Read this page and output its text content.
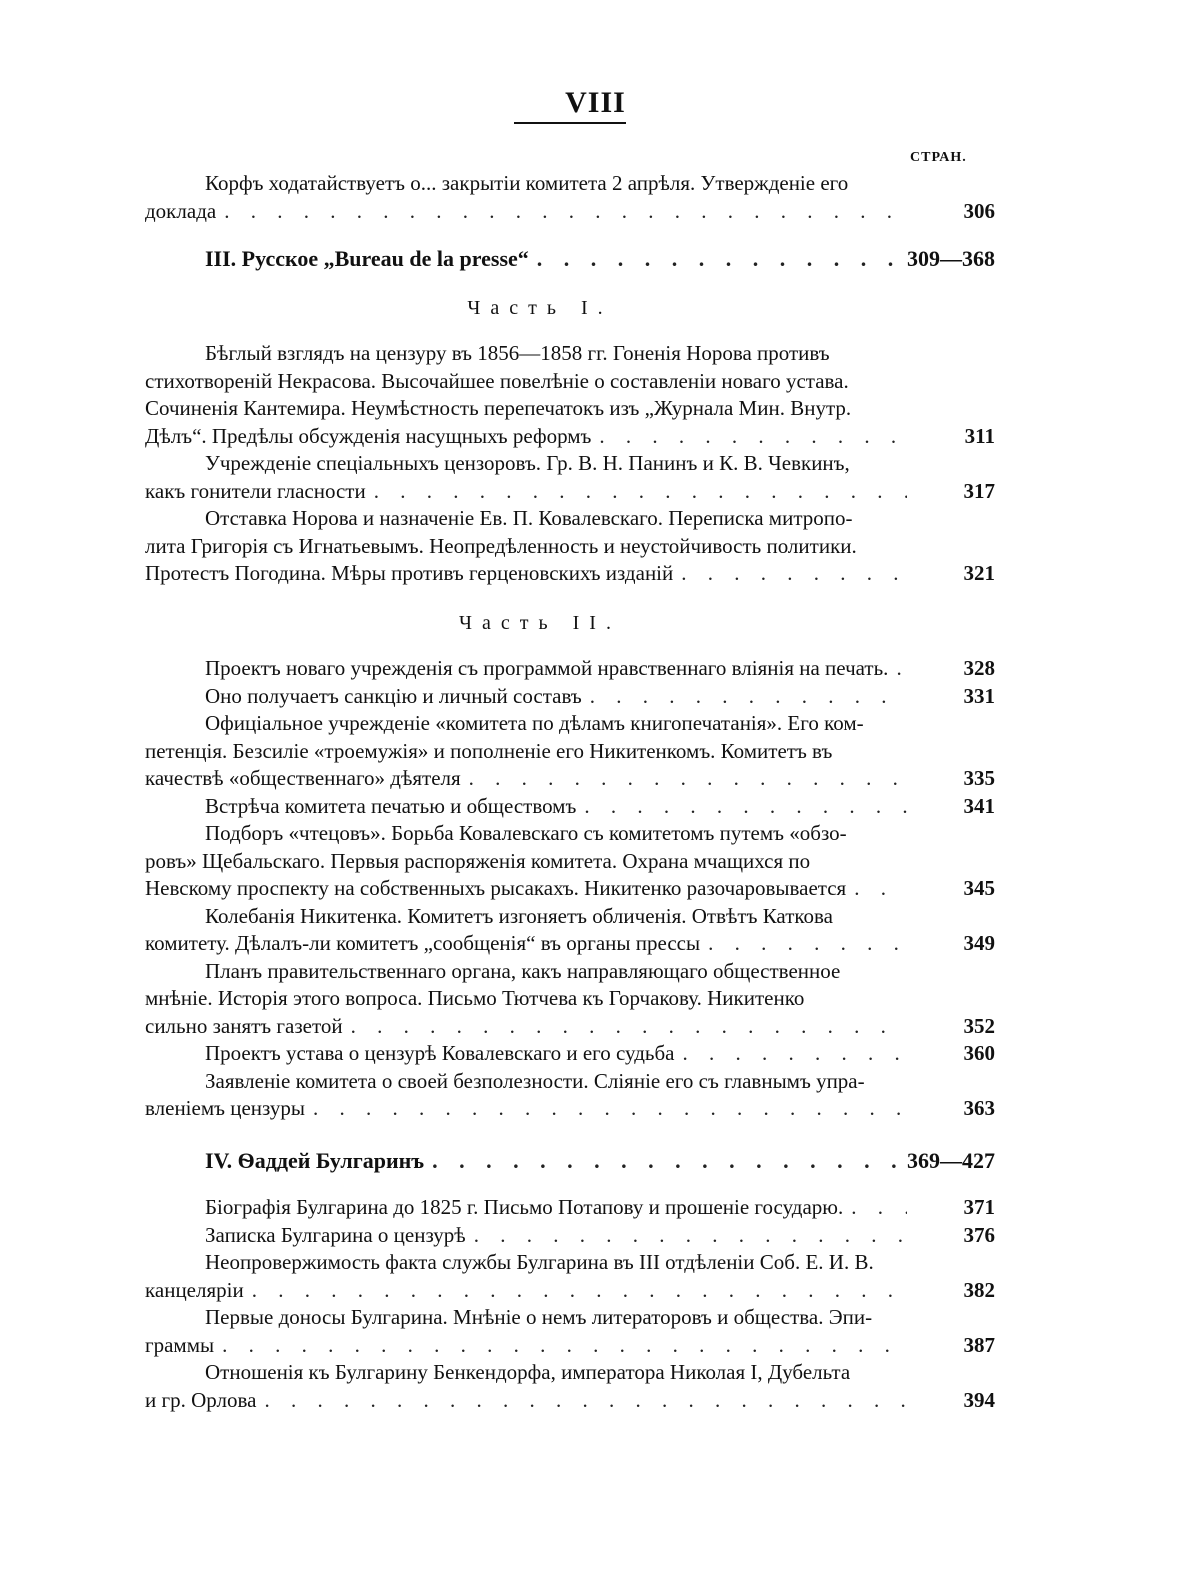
VIII
СТРАН.
Корфъ ходатайствуетъ о... закрытіи комитета 2 апрѣля. Утвержденіе его
доклада . . .	306
III. Русское „Bureau de la presse“ . . .	309—368
Часть I.
Бѣглый взглядъ на цензуру въ 1856—1858 гг. Гоненія Норова противъ
стихотвореній Некрасова. Высочайшее повелѣніе о составленіи новаго устава.
Сочиненія Кантемира. Неумѣстность перепечатокъ изъ „Журнала Мин. Внутр.
Дѣлъ“. Предѣлы обсужденія насущныхъ реформъ . . .	311
Учрежденіе спеціальныхъ цензоровъ. Гр. В. Н. Панинъ и К. В. Чевкинъ,
какъ гонители гласности . . .	317
Отставка Норова и назначеніе Ев. П. Ковалевскаго. Переписка митропо-
лита Григорія съ Игнатьевымъ. Неопредѣленность и неустойчивость политики.
Протестъ Погодина. Мѣры противъ герценовскихъ изданій . . .	321
Часть II.
Проектъ новаго учрежденія съ программой нравственнаго вліянія на печать. . . .	328
Оно получаетъ санкцію и личный составъ . . .	331
Офиціальное учрежденіе «комитета по дѣламъ книгопечатанія». Его ком-
петенція. Безсиліе «троемужія» и пополненіе его Никитенкомъ. Комитетъ въ
качествѣ «общественнаго» дѣятеля . . .	335
Встрѣча комитета печатью и обществомъ . . .	341
Подборъ «чтецовъ». Борьба Ковалевскаго съ комитетомъ путемъ «обзо-
ровъ» Щебальскаго. Первыя распоряженія комитета. Охрана мчащихся по
Невскому проспекту на собственныхъ рысакахъ. Никитенко разочаровывается . . .	345
Колебанія Никитенка. Комитетъ изгоняетъ обличенія. Отвѣтъ Каткова
комитету. Дѣлалъ-ли комитетъ „сообщенія“ въ органы прессы . . .	349
Планъ правительственнаго органа, какъ направляющаго общественное
мнѣніе. Исторія этого вопроса. Письмо Тютчева къ Горчакову. Никитенко
сильно занятъ газетой . . .	352
Проектъ устава о цензурѣ Ковалевскаго и его судьба . . .	360
Заявленіе комитета о своей безполезности. Сліяніе его съ главнымъ упра-
вленіемъ цензуры . . .	363
IV. Ѳаддей Булгаринъ . . .	369—427
Біографія Булгарина до 1825 г. Письмо Потапову и прошеніе государю. . . .	371
Записка Булгарина о цензурѣ . . .	376
Неопровержимость факта службы Булгарина въ III отдѣленіи Соб. Е. И. В.
канцеляріи . . .	382
Первые доносы Булгарина. Мнѣніе о немъ литераторовъ и общества. Эпи-
граммы . . .	387
Отношенія къ Булгарину Бенкендорфа, императора Николая I, Дубельта
и гр. Орлова . . .	394
